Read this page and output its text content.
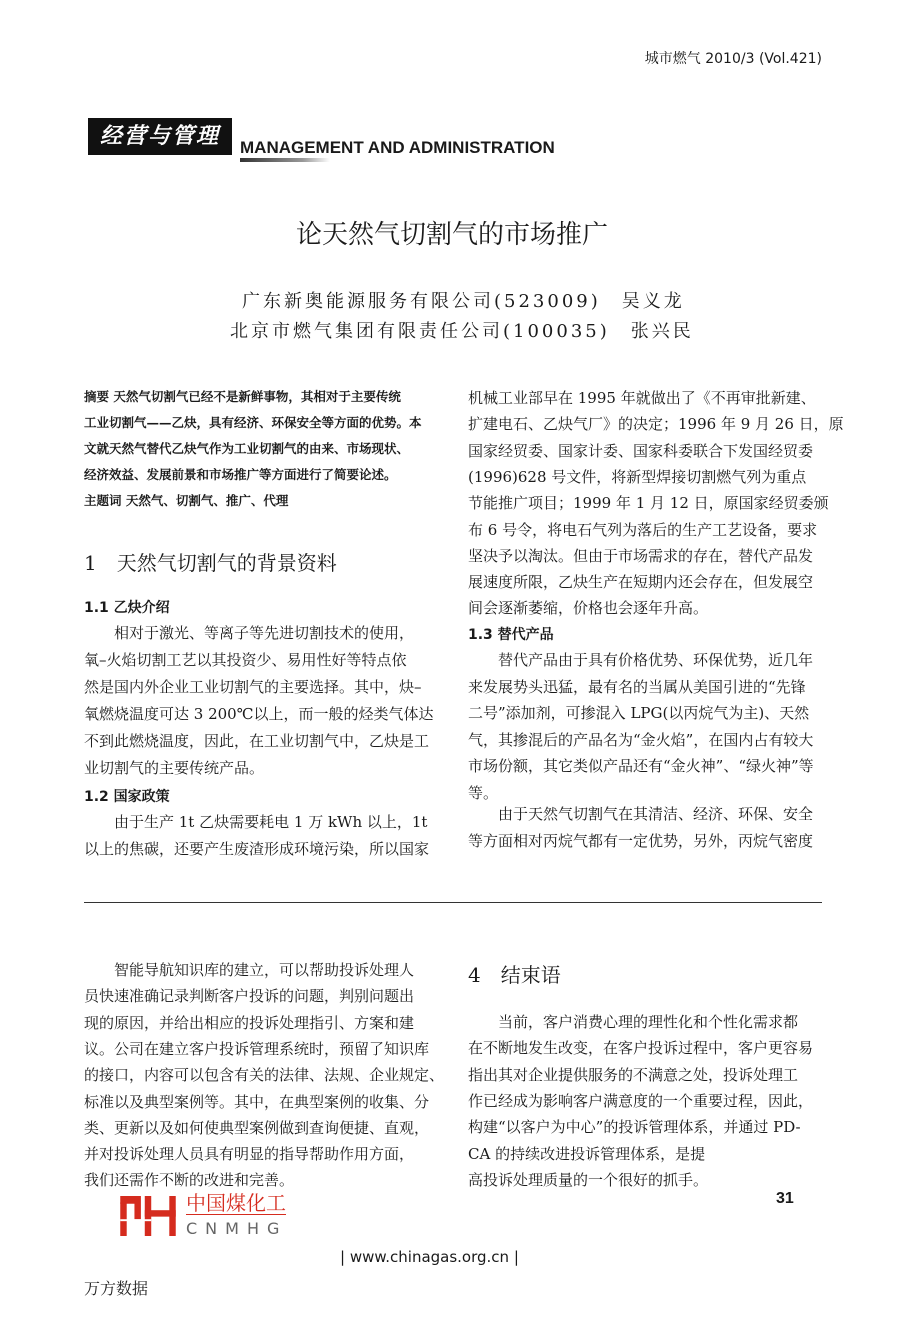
城市燃气 2010/3 (Vol.421)
经营与管理	MANAGEMENT AND ADMINISTRATION
论天然气切割气的市场推广
广东新奥能源服务有限公司(523009)　吴义龙
北京市燃气集团有限责任公司(100035)　张兴民
摘要 天然气切割气已经不是新鲜事物，其相对于主要传统
工业切割气——乙炔，具有经济、环保安全等方面的优势。本
文就天然气替代乙炔气作为工业切割气的由来、市场现状、
经济效益、发展前景和市场推广等方面进行了简要论述。
主题词 天然气、切割气、推广、代理
1　天然气切割气的背景资料
1.1 乙炔介绍
　　相对于激光、等离子等先进切割技术的使用，
氧–火焰切割工艺以其投资少、易用性好等特点依
然是国内外企业工业切割气的主要选择。其中，炔–
氧燃烧温度可达 3 200℃以上，而一般的烃类气体达
不到此燃烧温度，因此，在工业切割气中，乙炔是工
业切割气的主要传统产品。
1.2 国家政策
　　由于生产 1t 乙炔需要耗电 1 万 kWh 以上，1t
以上的焦碳，还要产生废渣形成环境污染，所以国家
机械工业部早在 1995 年就做出了《不再审批新建、
扩建电石、乙炔气厂》的决定；1996 年 9 月 26 日，原
国家经贸委、国家计委、国家科委联合下发国经贸委
(1996)628 号文件，将新型焊接切割燃气列为重点
节能推广项目；1999 年 1 月 12 日，原国家经贸委颁
布 6 号令，将电石气列为落后的生产工艺设备，要求
坚决予以淘汰。但由于市场需求的存在，替代产品发
展速度所限，乙炔生产在短期内还会存在，但发展空
间会逐渐萎缩，价格也会逐年升高。
1.3 替代产品
　　替代产品由于具有价格优势、环保优势，近几年
来发展势头迅猛，最有名的当属从美国引进的“先锋
二号”添加剂，可掺混入 LPG(以丙烷气为主)、天然
气，其掺混后的产品名为“金火焰”，在国内占有较大
市场份额，其它类似产品还有“金火神”、“绿火神”等
等。
　　由于天然气切割气在其清洁、经济、环保、安全
等方面相对丙烷气都有一定优势，另外，丙烷气密度
　　智能导航知识库的建立，可以帮助投诉处理人
员快速准确记录判断客户投诉的问题，判别问题出
现的原因，并给出相应的投诉处理指引、方案和建
议。公司在建立客户投诉管理系统时，预留了知识库
的接口，内容可以包含有关的法律、法规、企业规定、
标准以及典型案例等。其中，在典型案例的收集、分
类、更新以及如何使典型案例做到查询便捷、直观，
并对投诉处理人员具有明显的指导帮助作用方面，
我们还需作不断的改进和完善。
4　结束语
　　当前，客户消费心理的理性化和个性化需求都
在不断地发生改变，在客户投诉过程中，客户更容易
指出其对企业提供服务的不满意之处，投诉处理工
作已经成为影响客户满意度的一个重要过程，因此，
构建“以客户为中心”的投诉管理体系，并通过 PD-
CA 的持续改进投诉管理体系，是提
高投诉处理质量的一个很好的抓手。
中国煤化工
CNMHG
31
| www.chinagas.org.cn |
万方数据
